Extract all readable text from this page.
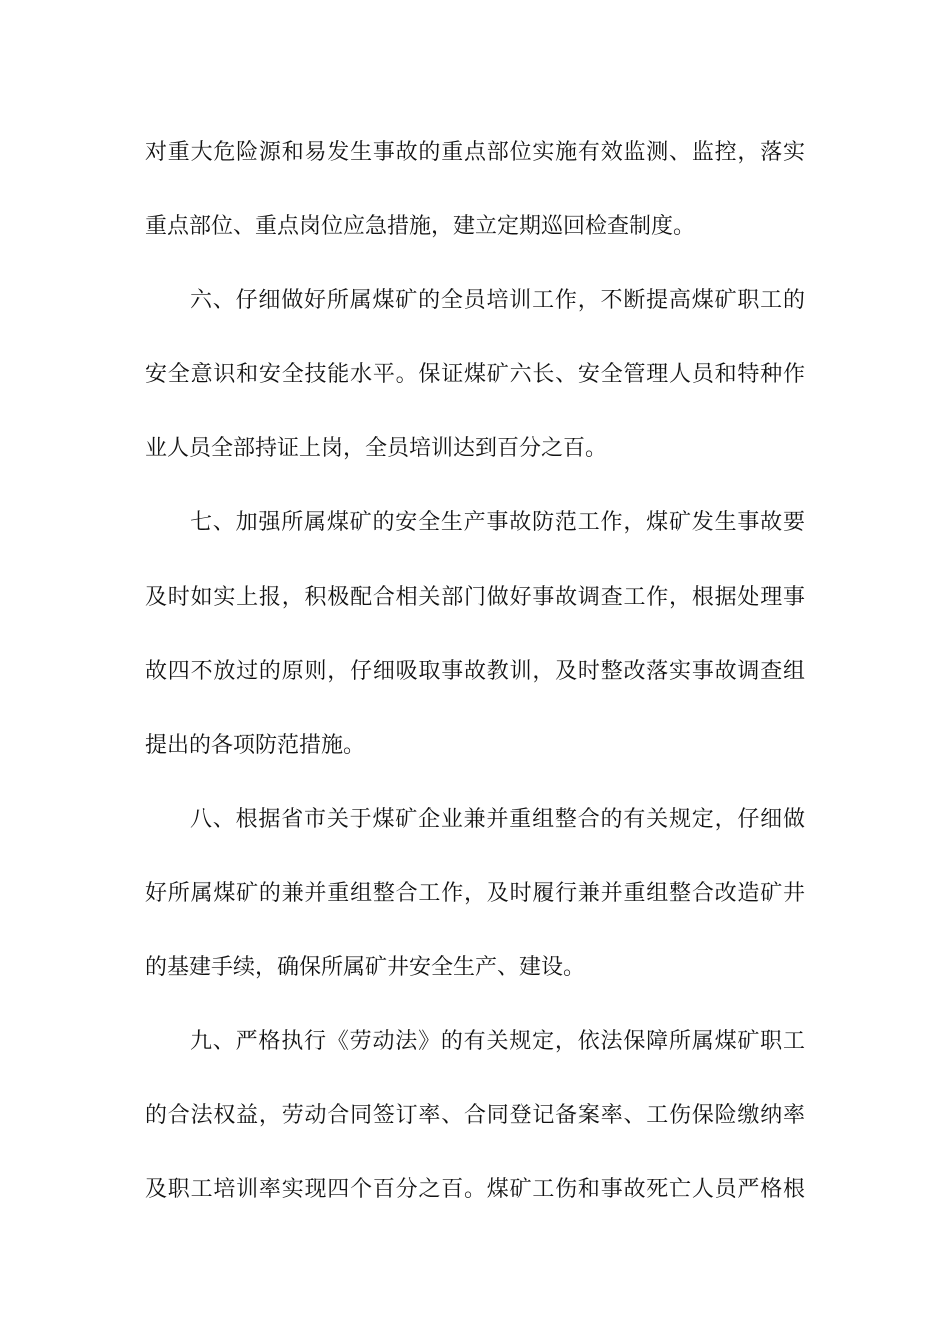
对重大危险源和易发生事故的重点部位实施有效监测、监控，落实
重点部位、重点岗位应急措施，建立定期巡回检查制度。
六、仔细做好所属煤矿的全员培训工作，不断提高煤矿职工的
安全意识和安全技能水平。保证煤矿六长、安全管理人员和特种作
业人员全部持证上岗，全员培训达到百分之百。
七、加强所属煤矿的安全生产事故防范工作，煤矿发生事故要
及时如实上报，积极配合相关部门做好事故调查工作，根据处理事
故四不放过的原则，仔细吸取事故教训，及时整改落实事故调查组
提出的各项防范措施。
八、根据省市关于煤矿企业兼并重组整合的有关规定，仔细做
好所属煤矿的兼并重组整合工作，及时履行兼并重组整合改造矿井
的基建手续，确保所属矿井安全生产、建设。
九、严格执行《劳动法》的有关规定，依法保障所属煤矿职工
的合法权益，劳动合同签订率、合同登记备案率、工伤保险缴纳率
及职工培训率实现四个百分之百。煤矿工伤和事故死亡人员严格根
